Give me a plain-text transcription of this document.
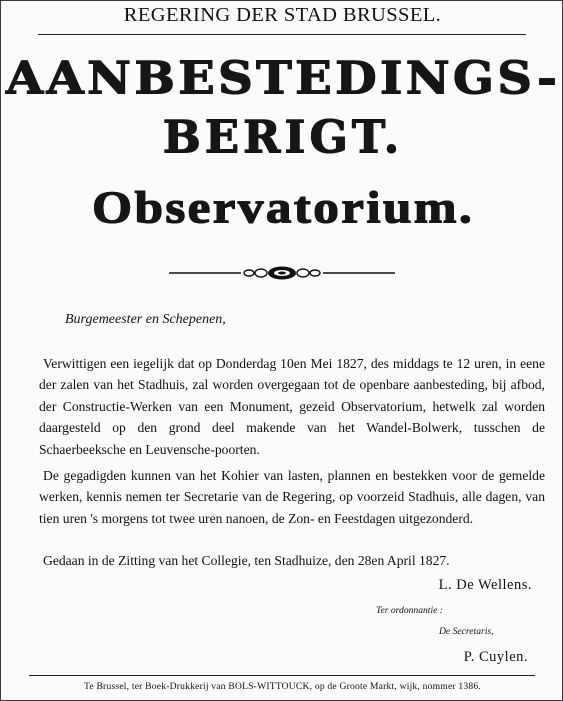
REGERING DER STAD BRUSSEL.
AANBESTEDINGS-
BERIGT.
Observatorium.
Burgemeester en Schepenen,
Verwittigen een iegelijk dat op Donderdag 10en Mei 1827, des middags te 12 uren, in eene der zalen van het Stadhuis, zal worden overgegaan tot de openbare aanbesteding, bij afbod, der Constructie-Werken van een Monument, gezeid Observatorium, hetwelk zal worden daargesteld op den grond deel makende van het Wandel-Bolwerk, tusschen de Schaerbeeksche en Leuvensche-poorten.
De gegadigden kunnen van het Kohier van lasten, plannen en bestekken voor de gemelde werken, kennis nemen ter Secretarie van de Regering, op voorzeid Stadhuis, alle dagen, van tien uren 's morgens tot twee uren nanoen, de Zon- en Feestdagen uitgezonderd.
Gedaan in de Zitting van het Collegie, ten Stadhuize, den 28en April 1827.
L. De Wellens.
Ter ordonnantie :
De Secretaris,
P. Cuylen.
Te Brussel, ter Boek-Drukkerij van BOLS-WITTOUCK, op de Groote Markt, wijk, nommer 1386.
